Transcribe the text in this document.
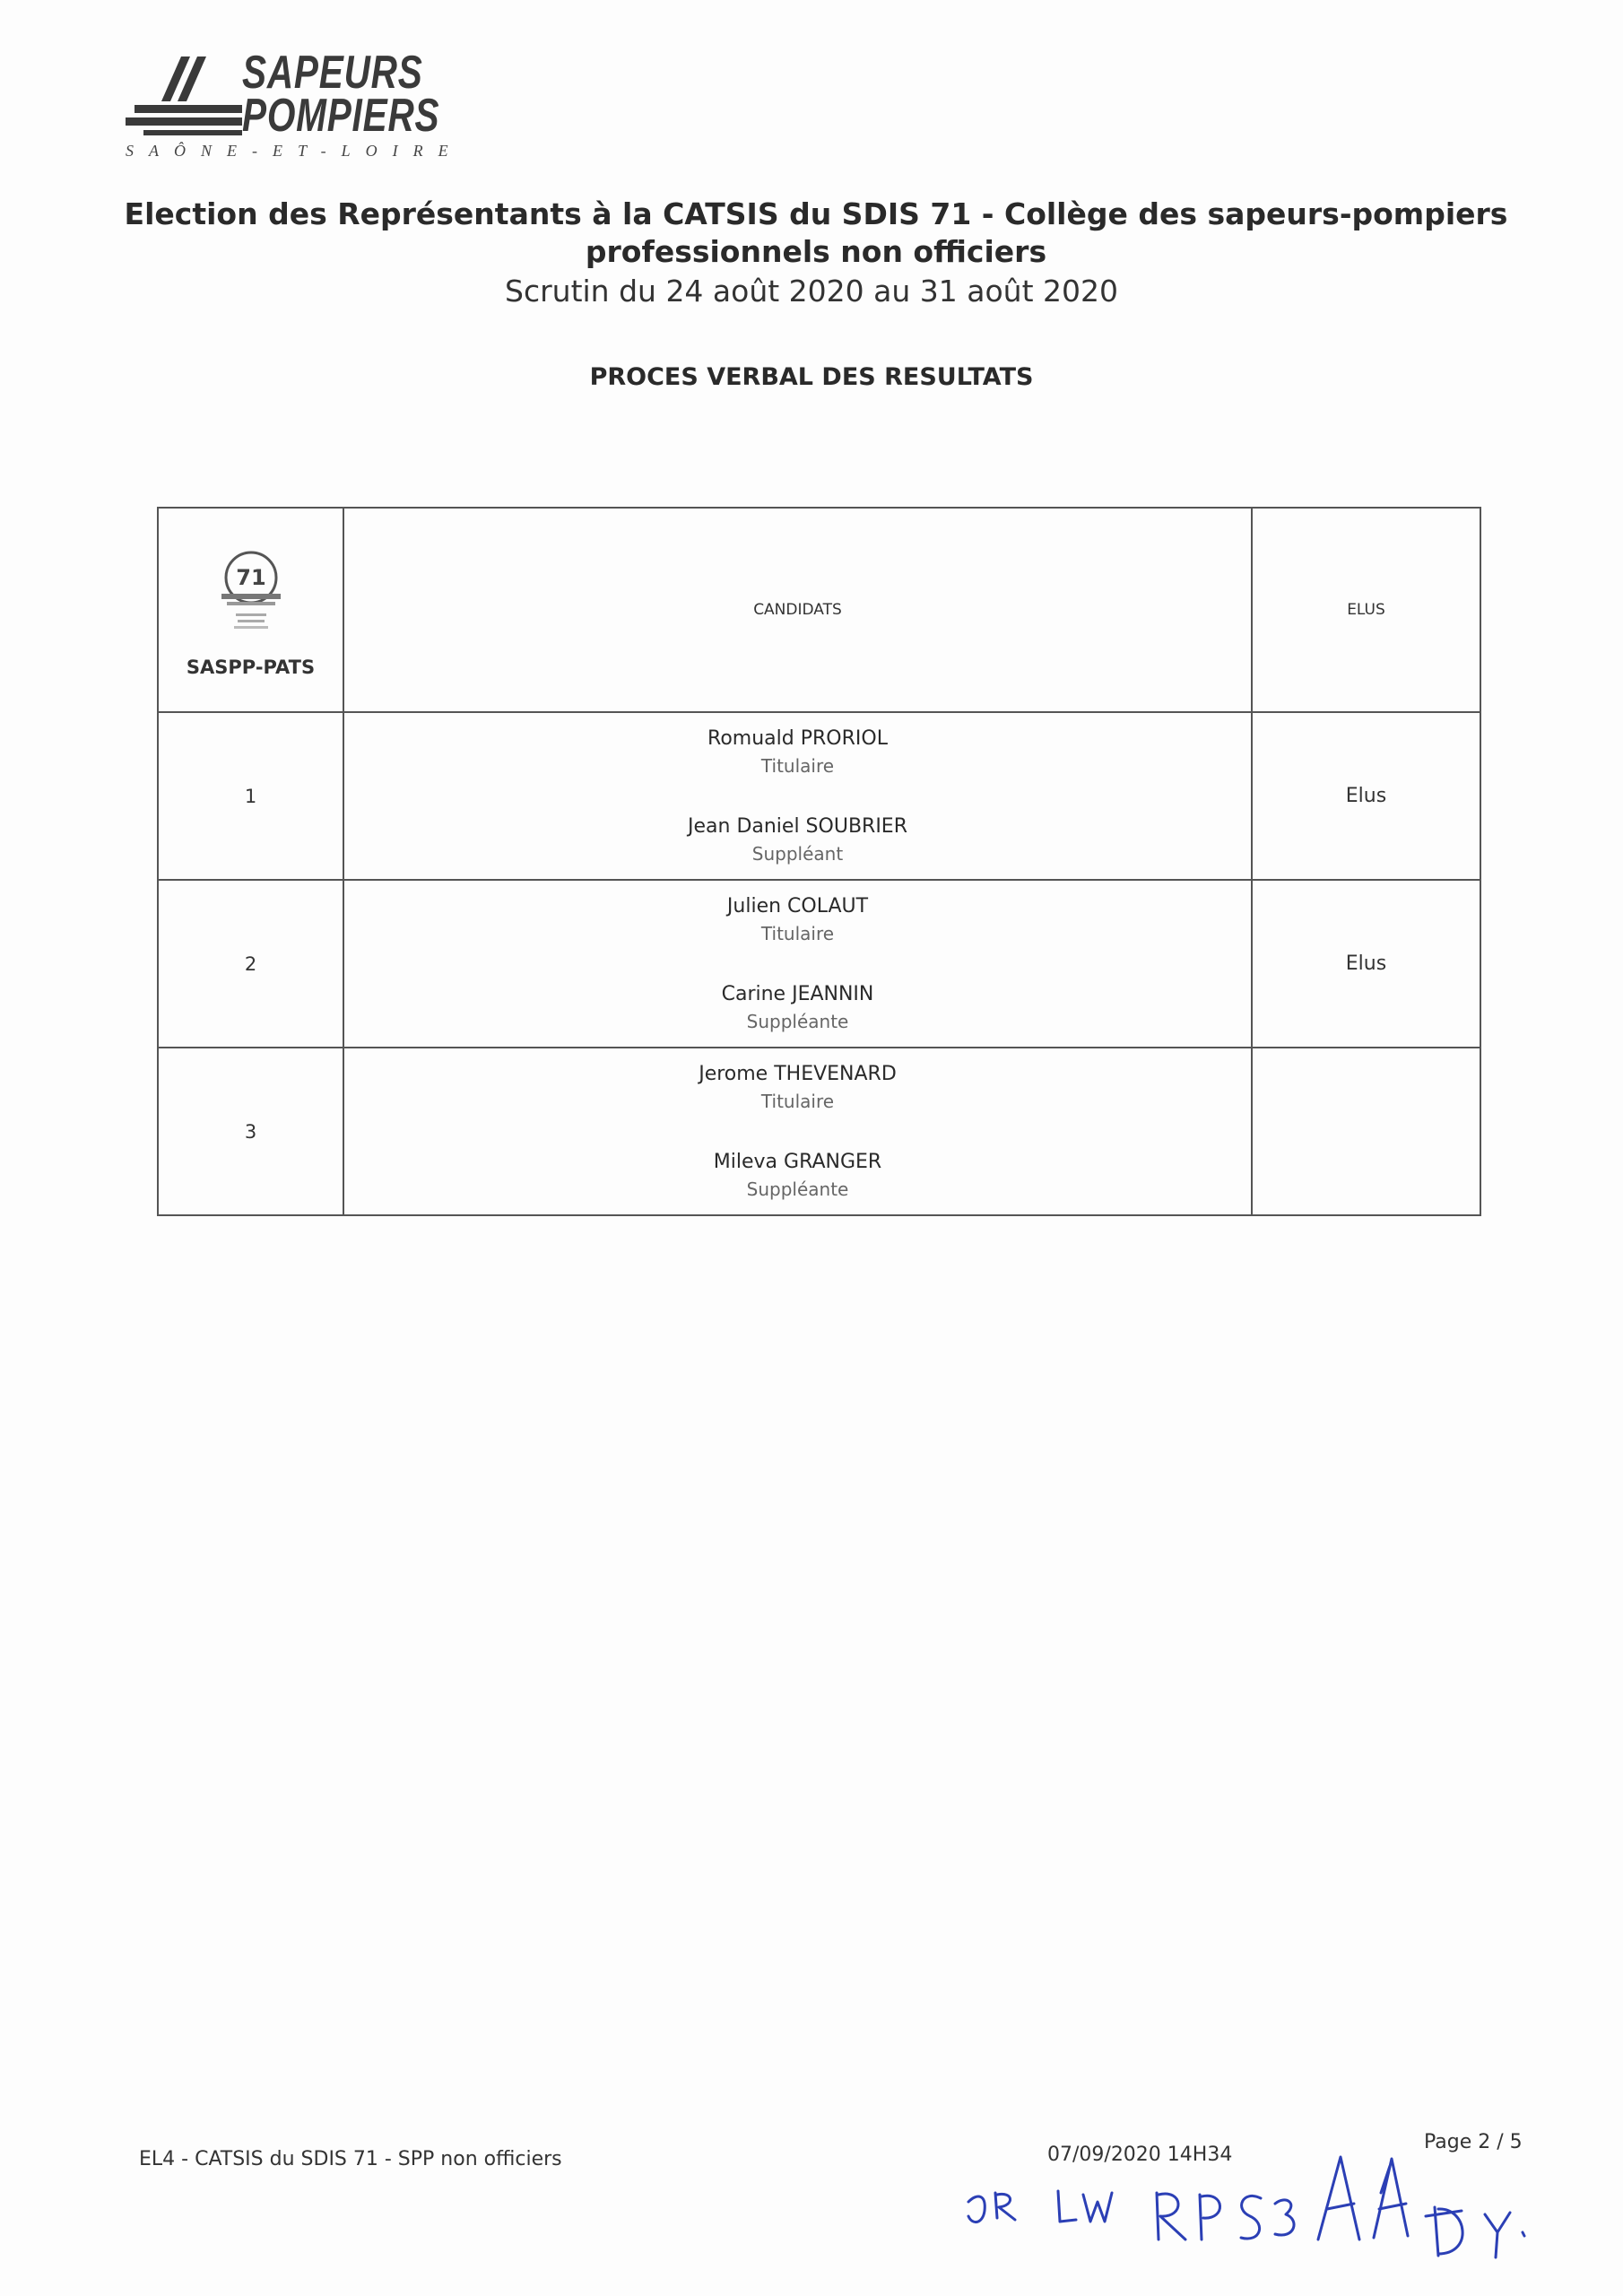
SAPEURS
POMPIERS
SAÔNE-ET-LOIRE
Election des Représentants à la CATSIS du SDIS 71 - Collège des sapeurs-pompiers professionnels non officiers
Scrutin du 24 août 2020 au 31 août 2020
PROCES VERBAL DES RESULTATS
71
SASPP-PATS	CANDIDATS	ELUS
1	Romuald PRORIOL
Titulaire
Jean Daniel SOUBRIER
Suppléant	Elus
2	Julien COLAUT
Titulaire
Carine JEANNIN
Suppléante	Elus
3	Jerome THEVENARD
Titulaire
Mileva GRANGER
Suppléante	

EL4 - CATSIS du SDIS 71 - SPP non officiers	07/09/2020 14H34
Page 2 / 5
